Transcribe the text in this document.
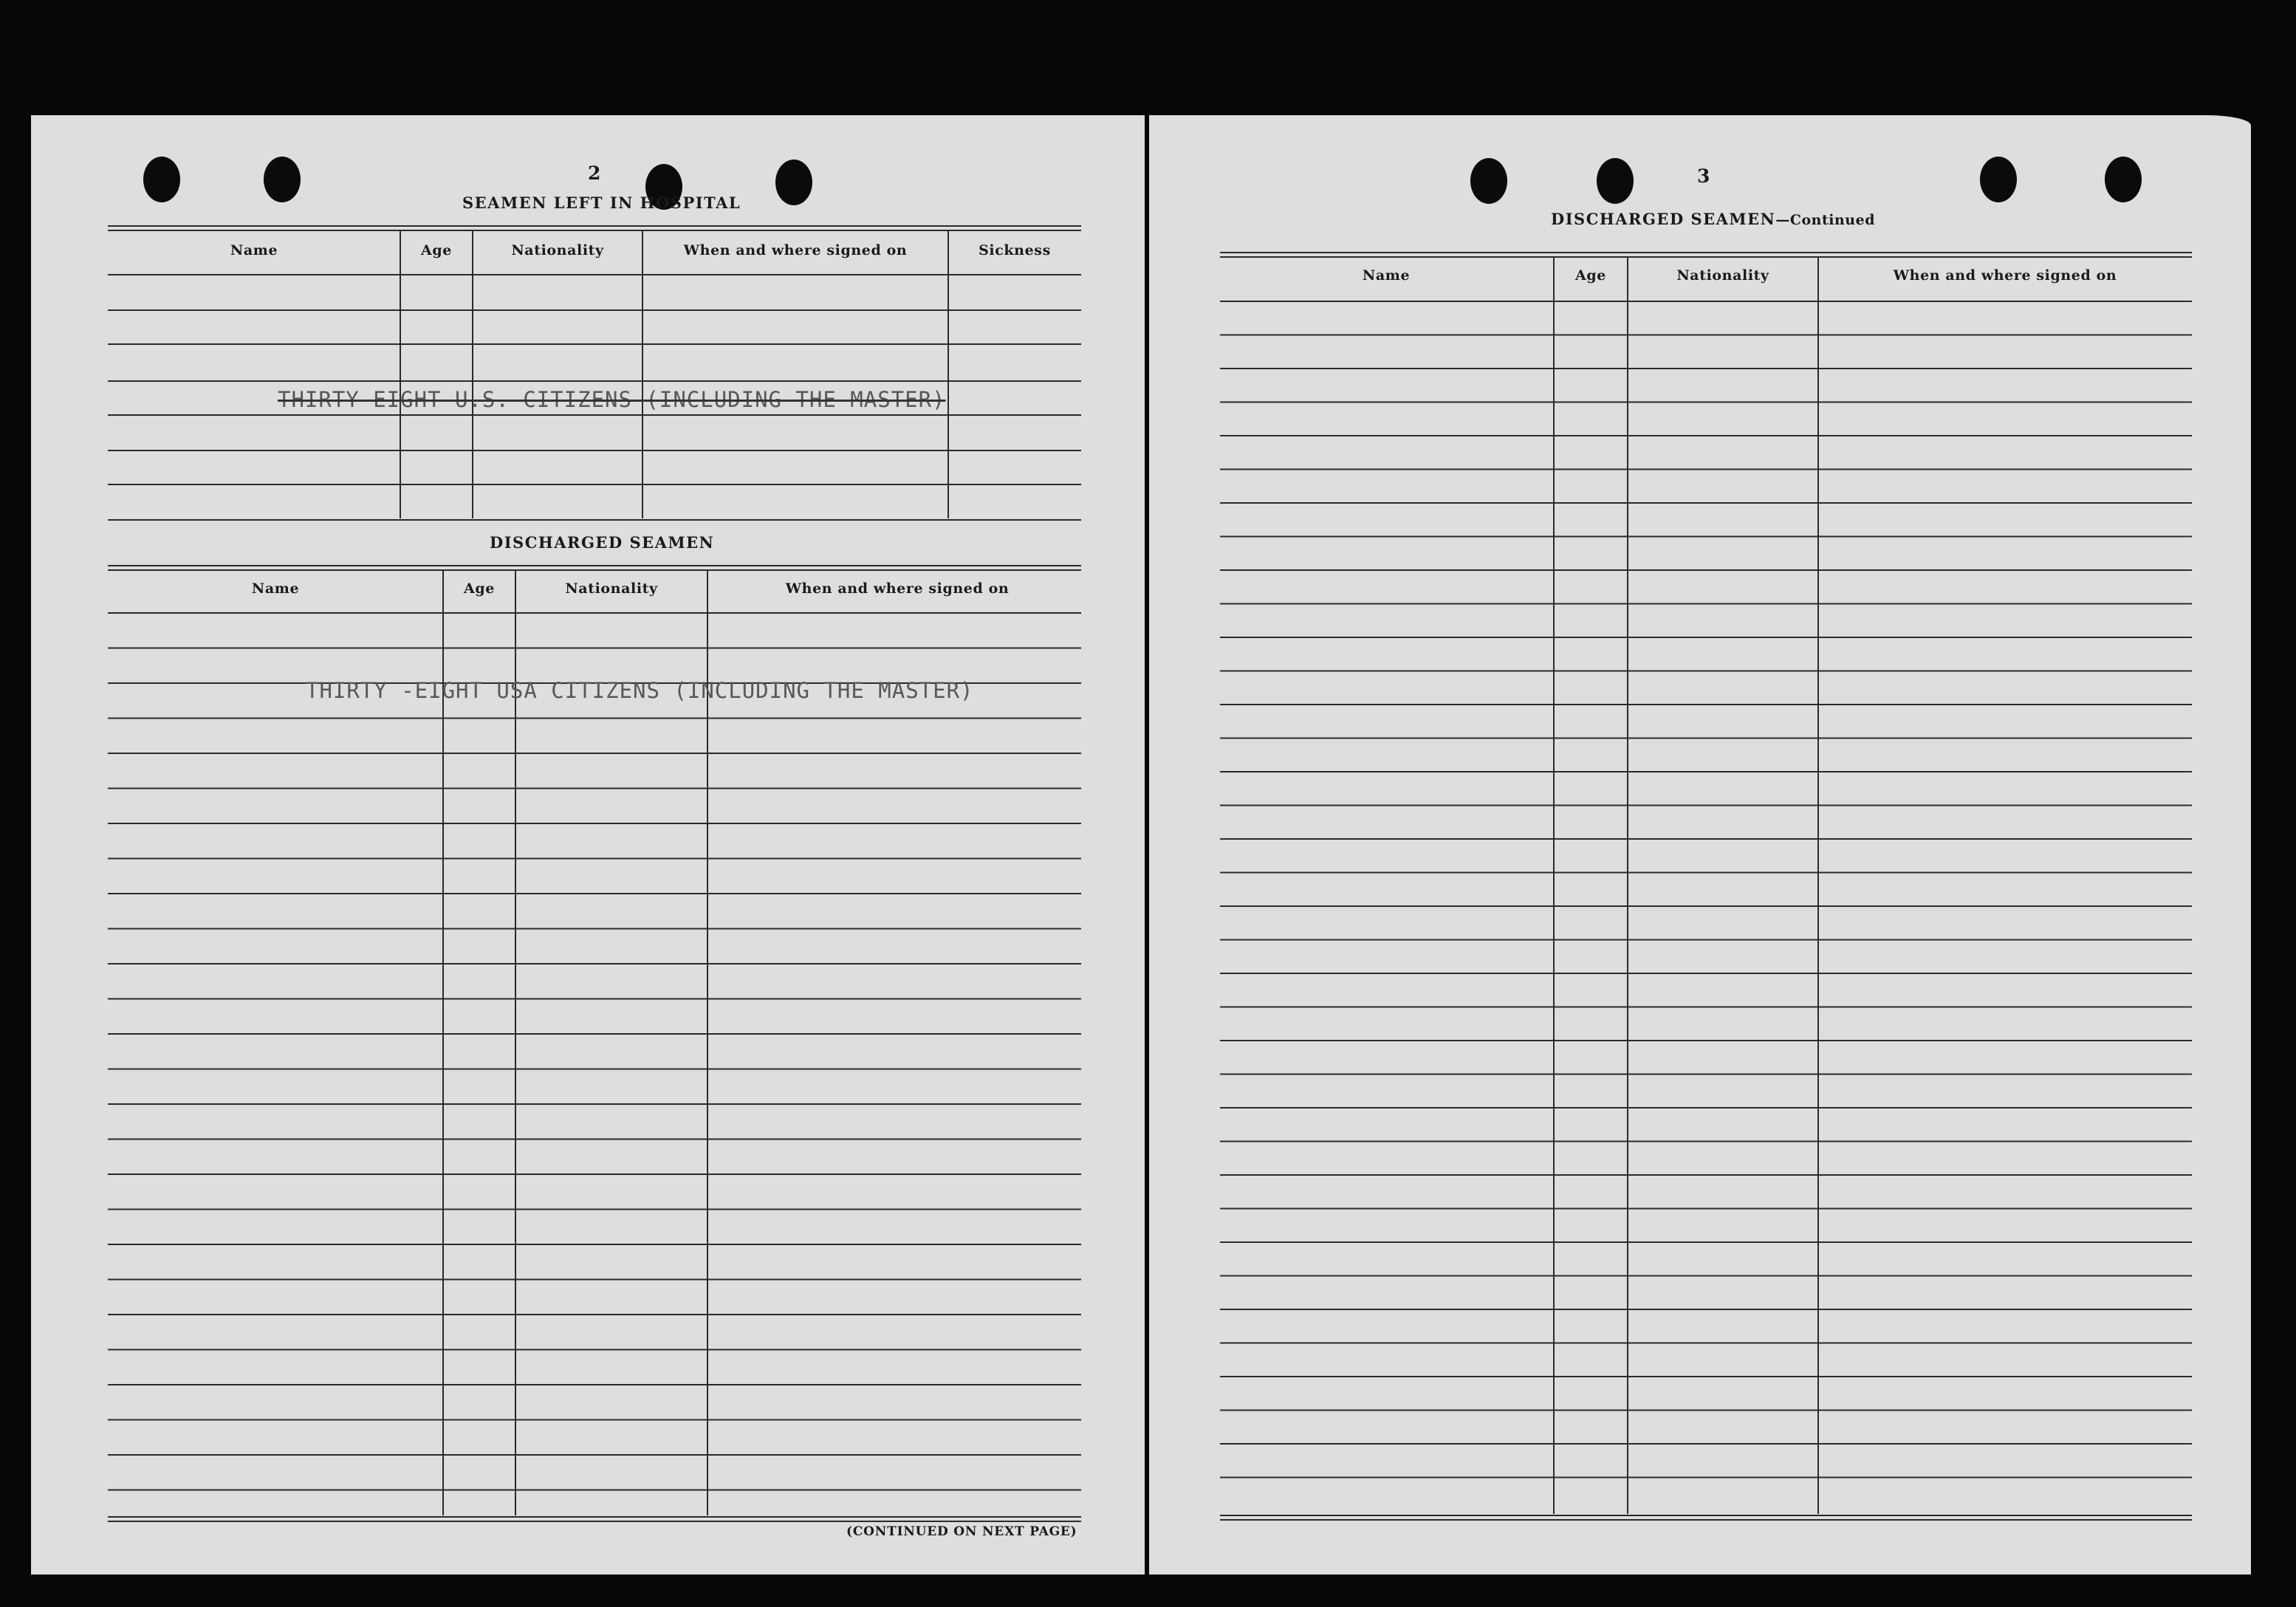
2
SEAMEN LEFT IN HOSPITAL
Name	Age	Nationality	When and where signed on	Sickness
THIRTY-EIGHT U.S. CITIZENS (INCLUDING THE MASTER)
DISCHARGED SEAMEN
Name	Age	Nationality	When and where signed on
THIRTY -EIGHT USA CITIZENS (INCLUDING THE MASTER)
(CONTINUED ON NEXT PAGE)
3
DISCHARGED SEAMEN—Continued
Name	Age	Nationality	When and where signed on
